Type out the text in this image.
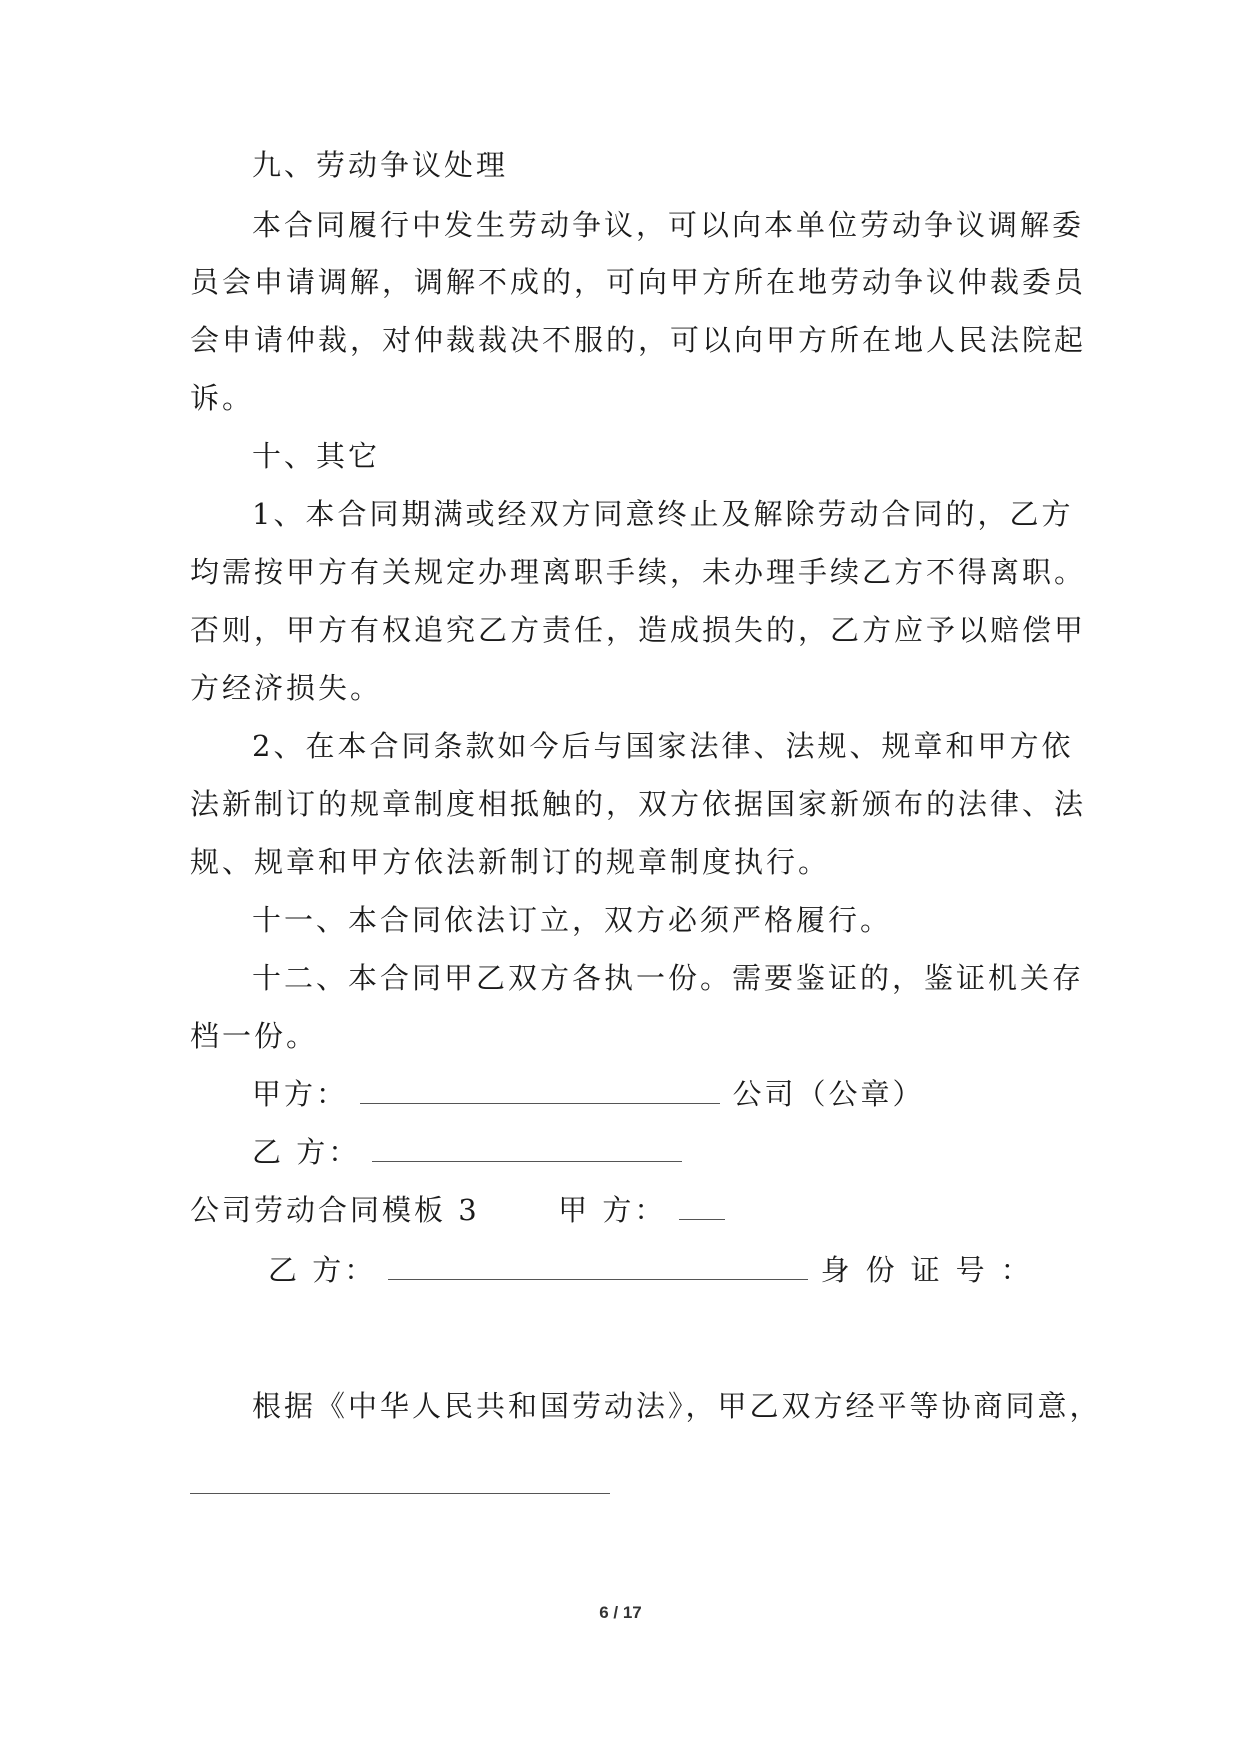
九、劳动争议处理
本合同履行中发生劳动争议，可以向本单位劳动争议调解委
员会申请调解，调解不成的，可向甲方所在地劳动争议仲裁委员
会申请仲裁，对仲裁裁决不服的，可以向甲方所在地人民法院起
诉。
十、其它
1、本合同期满或经双方同意终止及解除劳动合同的，乙方
均需按甲方有关规定办理离职手续，未办理手续乙方不得离职。
否则，甲方有权追究乙方责任，造成损失的，乙方应予以赔偿甲
方经济损失。
2、在本合同条款如今后与国家法律、法规、规章和甲方依
法新制订的规章制度相抵触的，双方依据国家新颁布的法律、法
规、规章和甲方依法新制订的规章制度执行。
十一、本合同依法订立，双方必须严格履行。
十二、本合同甲乙双方各执一份。需要鉴证的，鉴证机关存
档一份。
甲方：	公司（公章）
乙 方：
公司劳动合同模板 3	甲 方：
乙 方：	身份证号：
根据《中华人民共和国劳动法》，甲乙双方经平等协商同意，
6 / 17
